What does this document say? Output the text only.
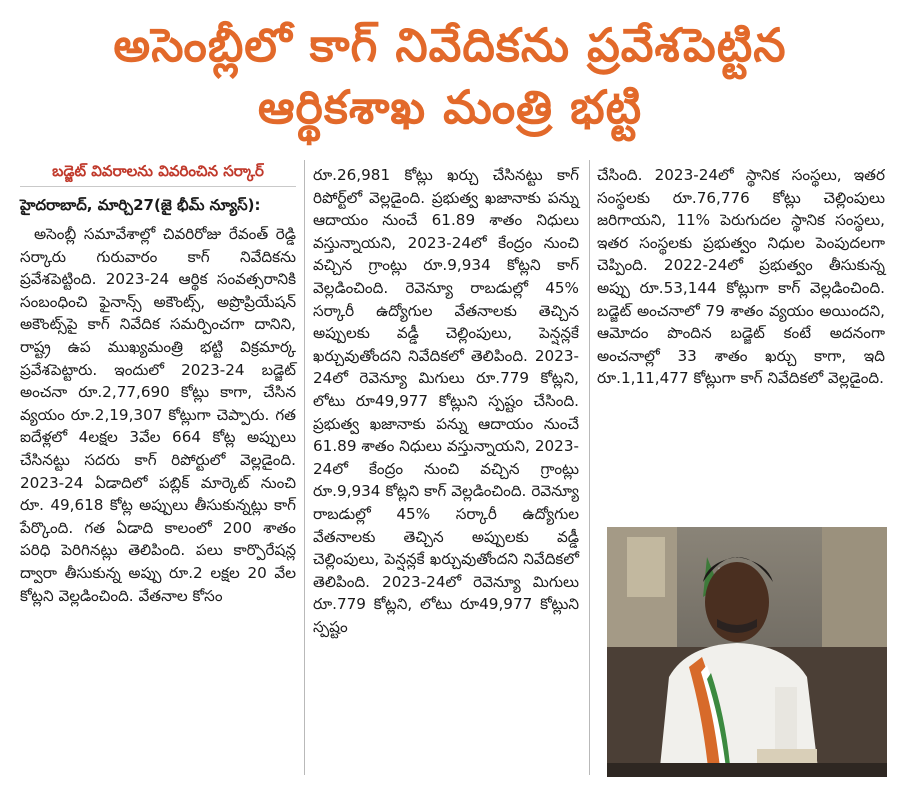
అసెంబ్లీలో కాగ్ నివేదికను ప్రవేశపెట్టిన
ఆర్థికశాఖ మంత్రి భట్టి
బడ్జెట్ వివరాలను వివరించిన సర్కార్
హైదరాబాద్, మార్చి27(జై భీమ్ న్యూస్):

అసెంబ్లీ సమావేశాల్లో చివరిరోజు రేవంత్ రెడ్డి సర్కారు గురువారం కాగ్ నివేదికను ప్రవేశపెట్టింది. 2023-24 ఆర్థిక సంవత్సరానికి సంబంధించి ఫైనాన్స్ అకౌంట్స్, అప్రొప్రియేషన్ అకౌంట్స్‌పై కాగ్ నివేదిక సమర్పించగా దానిని, రాష్ట్ర ఉప ముఖ్యమంత్రి భట్టి విక్రమార్క ప్రవేశపెట్టారు. ఇందులో 2023-24 బడ్జెట్ అంచనా రూ.2,77,690 కోట్లు కాగా, చేసిన వ్యయం రూ.2,19,307 కోట్లుగా చెప్పారు. గత ఐదేళ్లలో 4లక్షల 3వేల 664 కోట్ల అప్పులు చేసినట్టు సదరు కాగ్ రిపోర్టులో వెల్లడైంది. 2023-24 ఏడాదిలో పబ్లిక్ మార్కెట్ నుంచి రూ. 49,618 కోట్ల అప్పులు తీసుకున్నట్లు కాగ్ పేర్కొంది. గత ఏడాది కాలంలో 200 శాతం పరిధి పెరిగినట్లు తెలిపింది. పలు కార్పొరేషన్ల ద్వారా తీసుకున్న అప్పు రూ.2 లక్షల 20 వేల కోట్లని వెల్లడించింది. వేతనాల కోసం

రూ.26,981 కోట్లు ఖర్చు చేసినట్టు కాగ్ రిపోర్ట్‌లో వెల్లడైంది. ప్రభుత్వ ఖజానాకు పన్ను ఆదాయం నుంచే 61.89 శాతం నిధులు వస్తున్నాయని, 2023-24లో కేంద్రం నుంచి వచ్చిన గ్రాంట్లు రూ.9,934 కోట్లని కాగ్ వెల్లడించింది. రెవెన్యూ రాబడుల్లో 45% సర్కారీ ఉద్యోగుల వేతనాలకు తెచ్చిన అప్పులకు వడ్డీ చెల్లింపులు, పెన్షన్లకే ఖర్చువుతోందని నివేదికలో తెలిపింది. 2023-24లో రెవెన్యూ మిగులు రూ.779 కోట్లని, లోటు రూ49,977 కోట్లుని స్పష్టం చేసింది. ప్రభుత్వ ఖజానాకు పన్ను ఆదాయం నుంచే 61.89 శాతం నిధులు వస్తున్నాయని, 2023-24లో కేంద్రం నుంచి వచ్చిన గ్రాంట్లు రూ.9,934 కోట్లని కాగ్ వెల్లడించింది. రెవెన్యూ రాబడుల్లో 45% సర్కారీ ఉద్యోగుల వేతనాలకు తెచ్చిన అప్పులకు వడ్డీ చెల్లింపులు, పెన్షన్లకే ఖర్చువుతోందని నివేదికలో తెలిపింది. 2023-24లో రెవెన్యూ మిగులు రూ.779 కోట్లని, లోటు రూ49,977 కోట్లుని స్పష్టం

చేసింది. 2023-24లో స్థానిక సంస్థలు, ఇతర సంస్థలకు రూ.76,776 కోట్లు చెల్లింపులు జరిగాయని, 11% పెరుగుదల స్థానిక సంస్థలు, ఇతర సంస్థలకు ప్రభుత్వం నిధుల పెంపుదలగా చెప్పింది. 2022-24లో ప్రభుత్వం తీసుకున్న అప్పు రూ.53,144 కోట్లుగా కాగ్ వెల్లడించింది. బడ్జెట్ అంచనాలో 79 శాతం వ్యయం అయిందని, ఆమోదం పొందిన బడ్జెట్ కంటే అదనంగా అంచనాల్లో 33 శాతం ఖర్చు కాగా, ఇది రూ.1,11,477 కోట్లుగా కాగ్ నివేదికలో వెల్లడైంది.
